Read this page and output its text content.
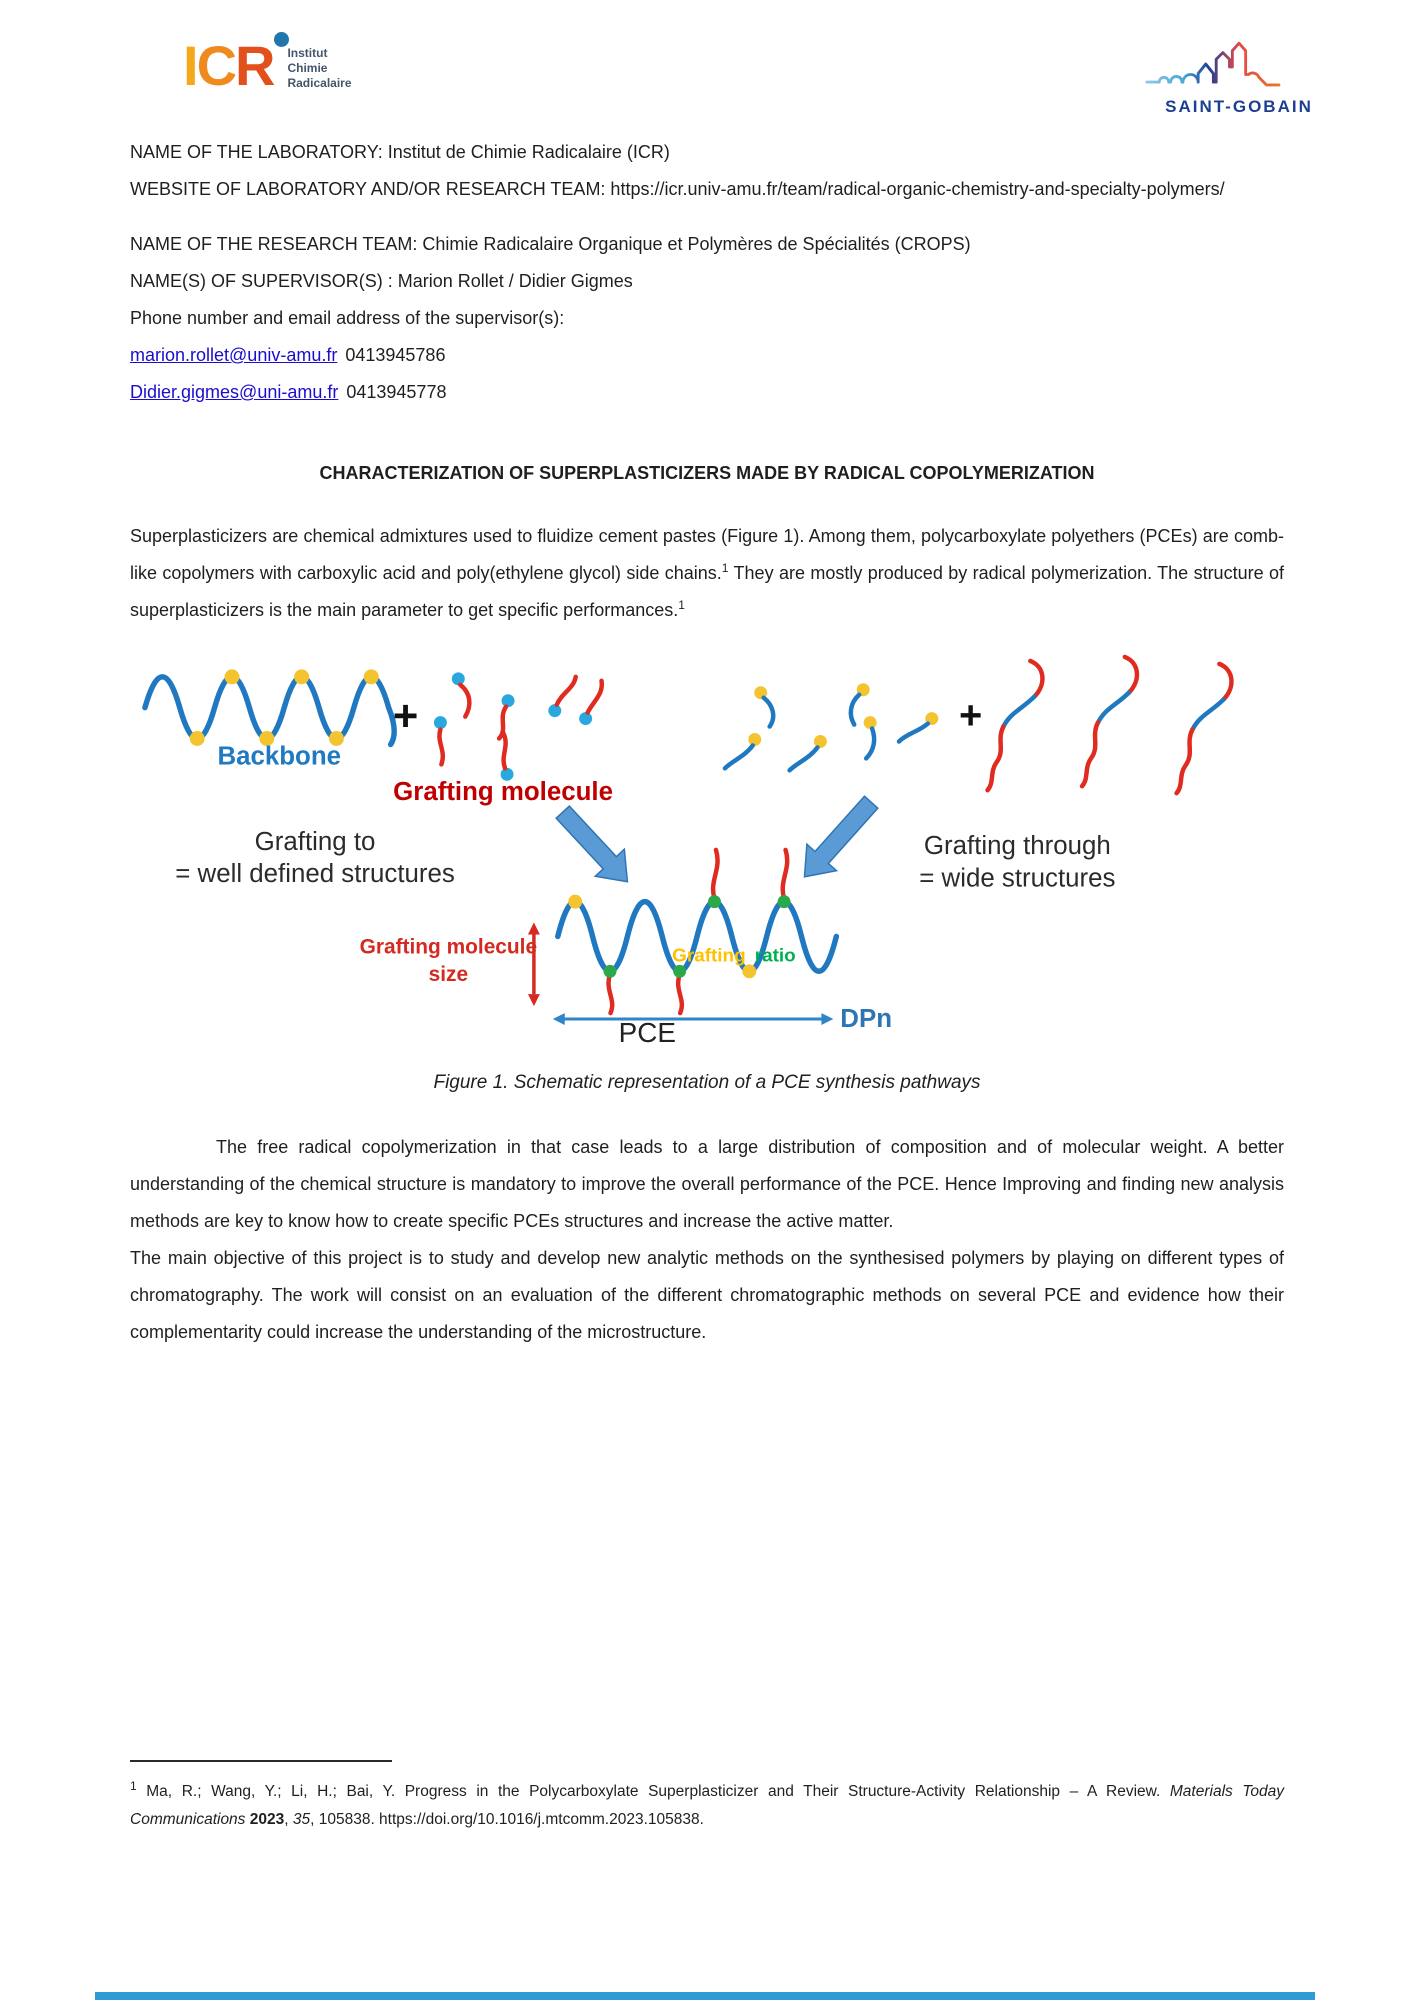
ICR Institut
Chimie
Radicalaire
SAINT-GOBAIN
NAME OF THE LABORATORY: Institut de Chimie Radicalaire (ICR)
WEBSITE OF LABORATORY AND/OR RESEARCH TEAM: https://icr.univ-amu.fr/team/radical-organic-chemistry-and-specialty-polymers/
NAME OF THE RESEARCH TEAM: Chimie Radicalaire Organique et Polymères de Spécialités (CROPS)
NAME(S) OF SUPERVISOR(S) : Marion Rollet / Didier Gigmes
Phone number and email address of the supervisor(s):
marion.rollet@univ-amu.fr 0413945786
Didier.gigmes@uni-amu.fr 0413945778
CHARACTERIZATION OF SUPERPLASTICIZERS MADE BY RADICAL COPOLYMERIZATION

Superplasticizers are chemical admixtures used to fluidize cement pastes (Figure 1). Among them, polycarboxylate polyethers (PCEs) are comb-like copolymers with carboxylic acid and poly(ethylene glycol) side chains.$^1$ They are mostly produced by radical polymerization. The structure of superplasticizers is the main parameter to get specific performances.$^1$

Backbone
+
Grafting molecule
Grafting to
= well defined structures
+
Grafting through
= wide structures
Grafting molecule
size
Grafting ratio
DPn
PCE
Figure 1. Schematic representation of a PCE synthesis pathways

The free radical copolymerization in that case leads to a large distribution of composition and of molecular weight. A better understanding of the chemical structure is mandatory to improve the overall performance of the PCE. Hence Improving and finding new analysis methods are key to know how to create specific PCEs structures and increase the active matter.

The main objective of this project is to study and develop new analytic methods on the synthesised polymers by playing on different types of chromatography. The work will consist on an evaluation of the different chromatographic methods on several PCE and evidence how their complementarity could increase the understanding of the microstructure.

$^1$ Ma, R.; Wang, Y.; Li, H.; Bai, Y. Progress in the Polycarboxylate Superplasticizer and Their Structure-Activity Relationship – A Review. Materials Today Communications 2023, 35, 105838. https://doi.org/10.1016/j.mtcomm.2023.105838.
